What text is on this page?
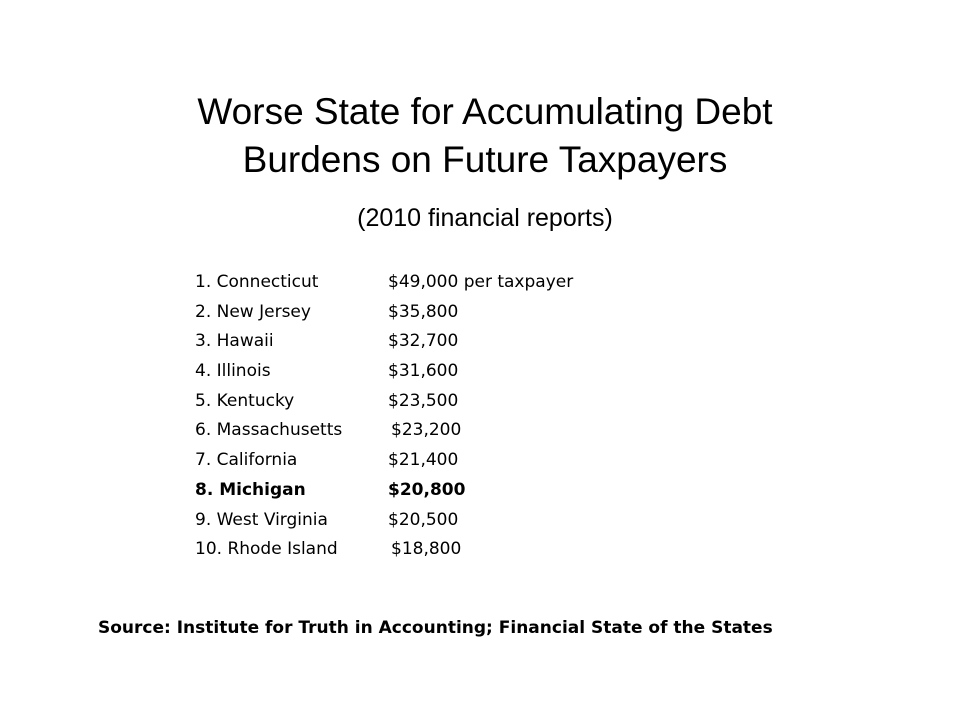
Worse State for Accumulating Debt
Burdens on Future Taxpayers
(2010 financial reports)
1. Connecticut	$49,000 per taxpayer
2. New Jersey	$35,800
3. Hawaii	$32,700
4. Illinois	$31,600
5. Kentucky	$23,500
6. Massachusetts	$23,200
7. California	$21,400
8. Michigan	$20,800
9. West Virginia	$20,500
10. Rhode Island	$18,800
Source: Institute for Truth in Accounting; Financial State of the States
